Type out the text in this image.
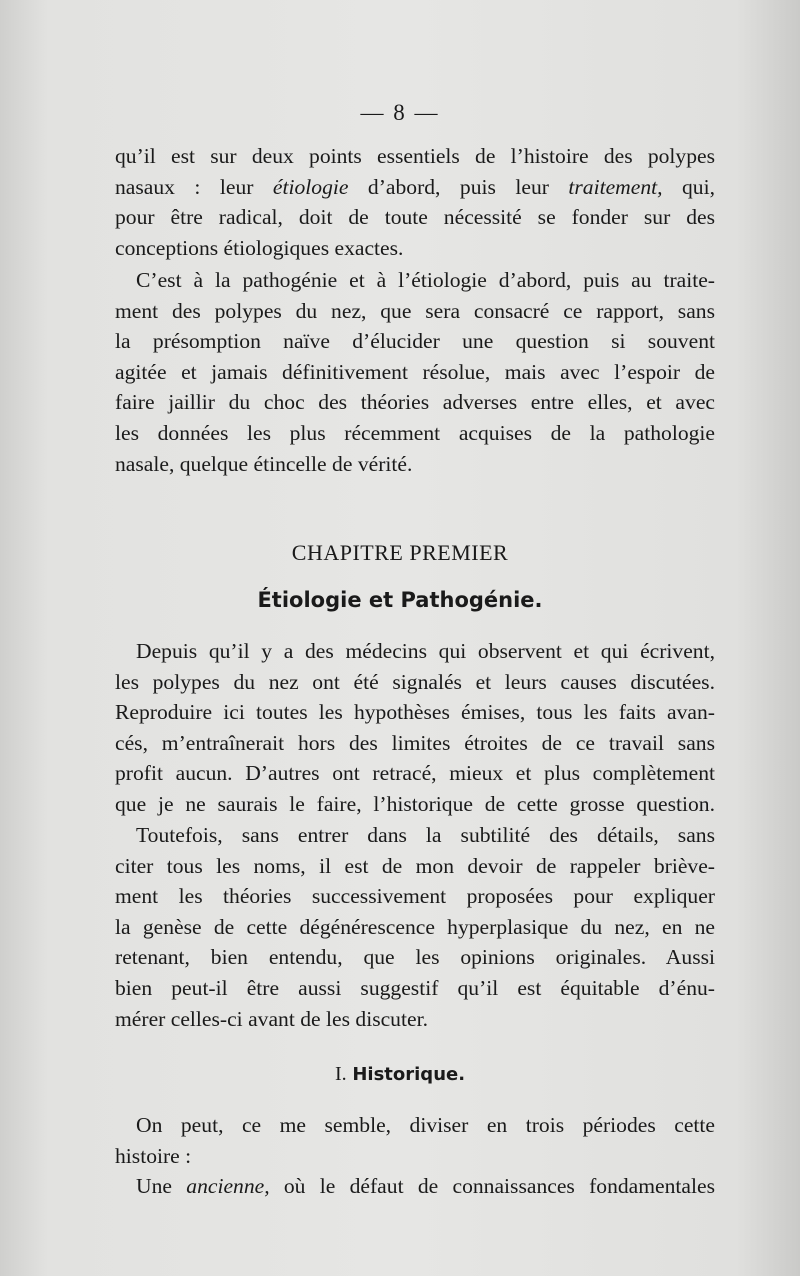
— 8 —

qu’il est sur deux points essentiels de l’histoire des polypes
nasaux : leur étiologie d’abord, puis leur traitement, qui,
pour être radical, doit de toute nécessité se fonder sur des
conceptions étiologiques exactes.

C’est à la pathogénie et à l’étiologie d’abord, puis au traite-
ment des polypes du nez, que sera consacré ce rapport, sans
la présomption naïve d’élucider une question si souvent
agitée et jamais définitivement résolue, mais avec l’espoir de
faire jaillir du choc des théories adverses entre elles, et avec
les données les plus récemment acquises de la pathologie
nasale, quelque étincelle de vérité.

CHAPITRE PREMIER
Étiologie et Pathogénie.

Depuis qu’il y a des médecins qui observent et qui écrivent,
les polypes du nez ont été signalés et leurs causes discutées.
Reproduire ici toutes les hypothèses émises, tous les faits avan-
cés, m’entraînerait hors des limites étroites de ce travail sans
profit aucun. D’autres ont retracé, mieux et plus complètement
que je ne saurais le faire, l’historique de cette grosse question.

Toutefois, sans entrer dans la subtilité des détails, sans
citer tous les noms, il est de mon devoir de rappeler briève-
ment les théories successivement proposées pour expliquer
la genèse de cette dégénérescence hyperplasique du nez, en ne
retenant, bien entendu, que les opinions originales. Aussi
bien peut-il être aussi suggestif qu’il est équitable d’énu-
mérer celles-ci avant de les discuter.

I. Historique.

On peut, ce me semble, diviser en trois périodes cette
histoire :

Une ancienne, où le défaut de connaissances fondamentales
